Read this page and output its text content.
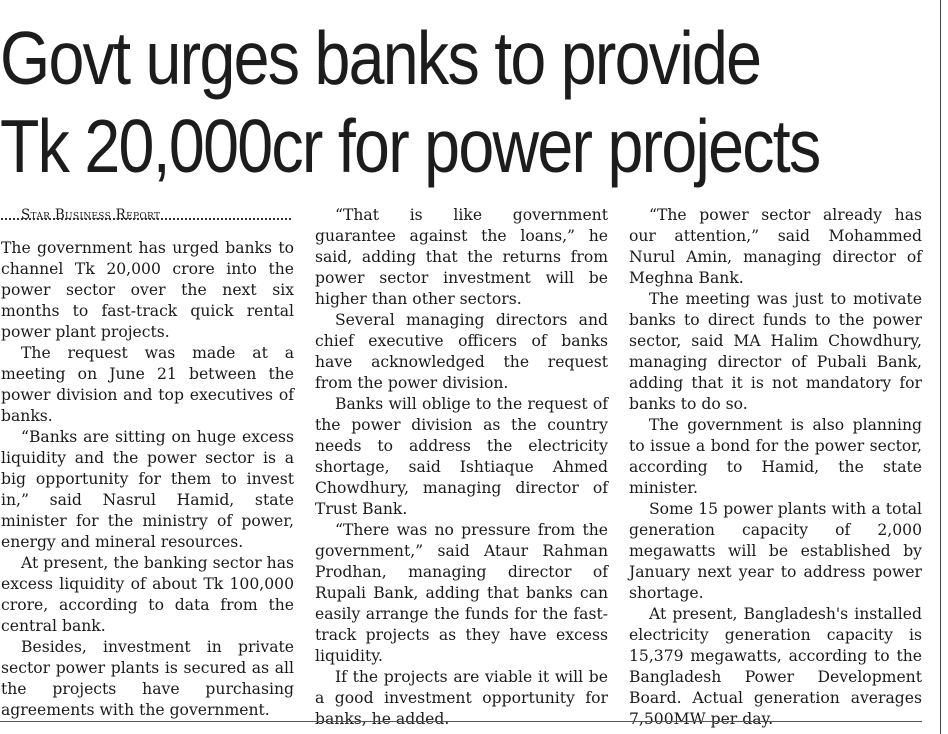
Govt urges banks to provide
Tk 20,000cr for power projects

Star Business Report

The government has urged banks to channel Tk 20,000 crore into the power sector over the next six months to fast-track quick rental power plant projects.

The request was made at a meeting on June 21 between the power division and top executives of banks.

“Banks are sitting on huge excess liquidity and the power sector is a big opportunity for them to invest in,” said Nasrul Hamid, state minister for the ministry of power, energy and mineral resources.

At present, the banking sector has excess liquidity of about Tk 100,000 crore, according to data from the central bank.

Besides, investment in private sector power plants is secured as all the projects have purchasing agreements with the government.

“That is like government guarantee against the loans,” he said, adding that the returns from power sector investment will be higher than other sectors.

Several managing directors and chief executive officers of banks have acknowledged the request from the power division.

Banks will oblige to the request of the power division as the country needs to address the electricity shortage, said Ishtiaque Ahmed Chowdhury, managing director of Trust Bank.

“There was no pressure from the government,” said Ataur Rahman Prodhan, managing director of Rupali Bank, adding that banks can easily arrange the funds for the fast-track projects as they have excess liquidity.

If the projects are viable it will be a good investment opportunity for banks, he added.

“The power sector already has our attention,” said Mohammed Nurul Amin, managing director of Meghna Bank.

The meeting was just to motivate banks to direct funds to the power sector, said MA Halim Chowdhury, managing director of Pubali Bank, adding that it is not mandatory for banks to do so.

The government is also planning to issue a bond for the power sector, according to Hamid, the state minister.

Some 15 power plants with a total generation capacity of 2,000 megawatts will be established by January next year to address power shortage.

At present, Bangladesh's installed electricity generation capacity is 15,379 megawatts, according to the Bangladesh Power Development Board. Actual generation averages 7,500MW per day.
